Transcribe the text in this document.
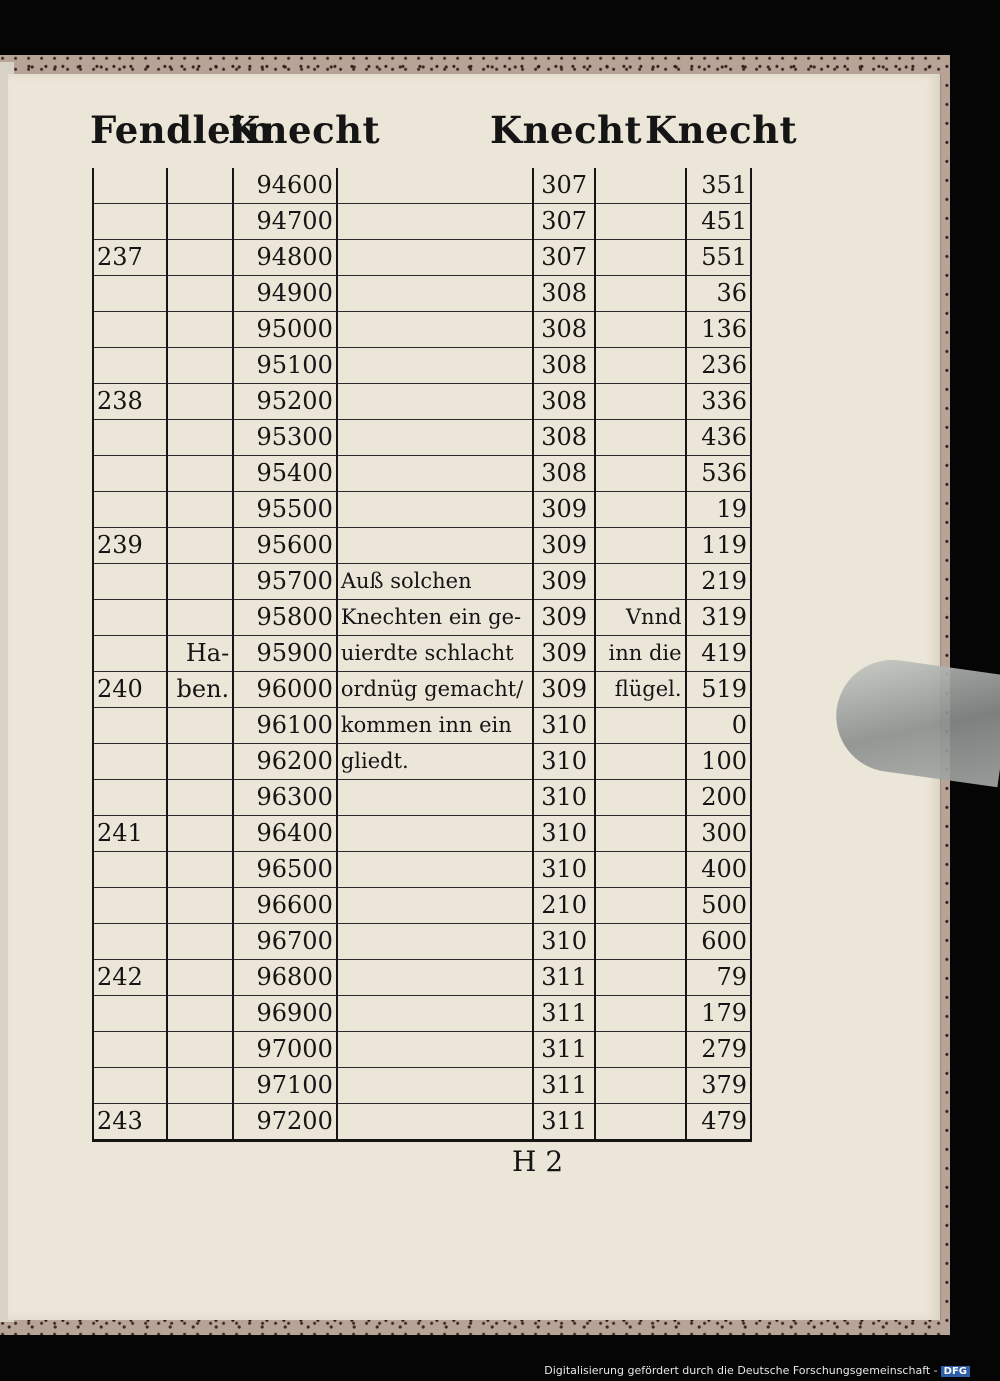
Fendlein
Knecht	Knecht Knecht
		94600		307		351
		94700		307		451
237		94800		307		551
		94900		308		36
		95000		308		136
		95100		308		236
238		95200		308		336
		95300		308		436
		95400		308		536
		95500		309		19
239		95600		309		119
		95700	Auß solchen	309		219
		95800	Knechten ein ge-	309	Vnnd	319
	Ha-	95900	uierdte schlacht	309	inn die	419
240	ben.	96000	ordnüg gemacht/	309	flügel.	519
		96100	kommen inn ein	310		0
		96200	gliedt.	310		100
		96300		310		200
241		96400		310		300
		96500		310		400
		96600		210		500
		96700		310		600
242		96800		311		79
		96900		311		179
		97000		311		279
		97100		311		379
243		97200		311		479
H 2
Digitalisierung gefördert durch die Deutsche Forschungsgemeinschaft - DFG
